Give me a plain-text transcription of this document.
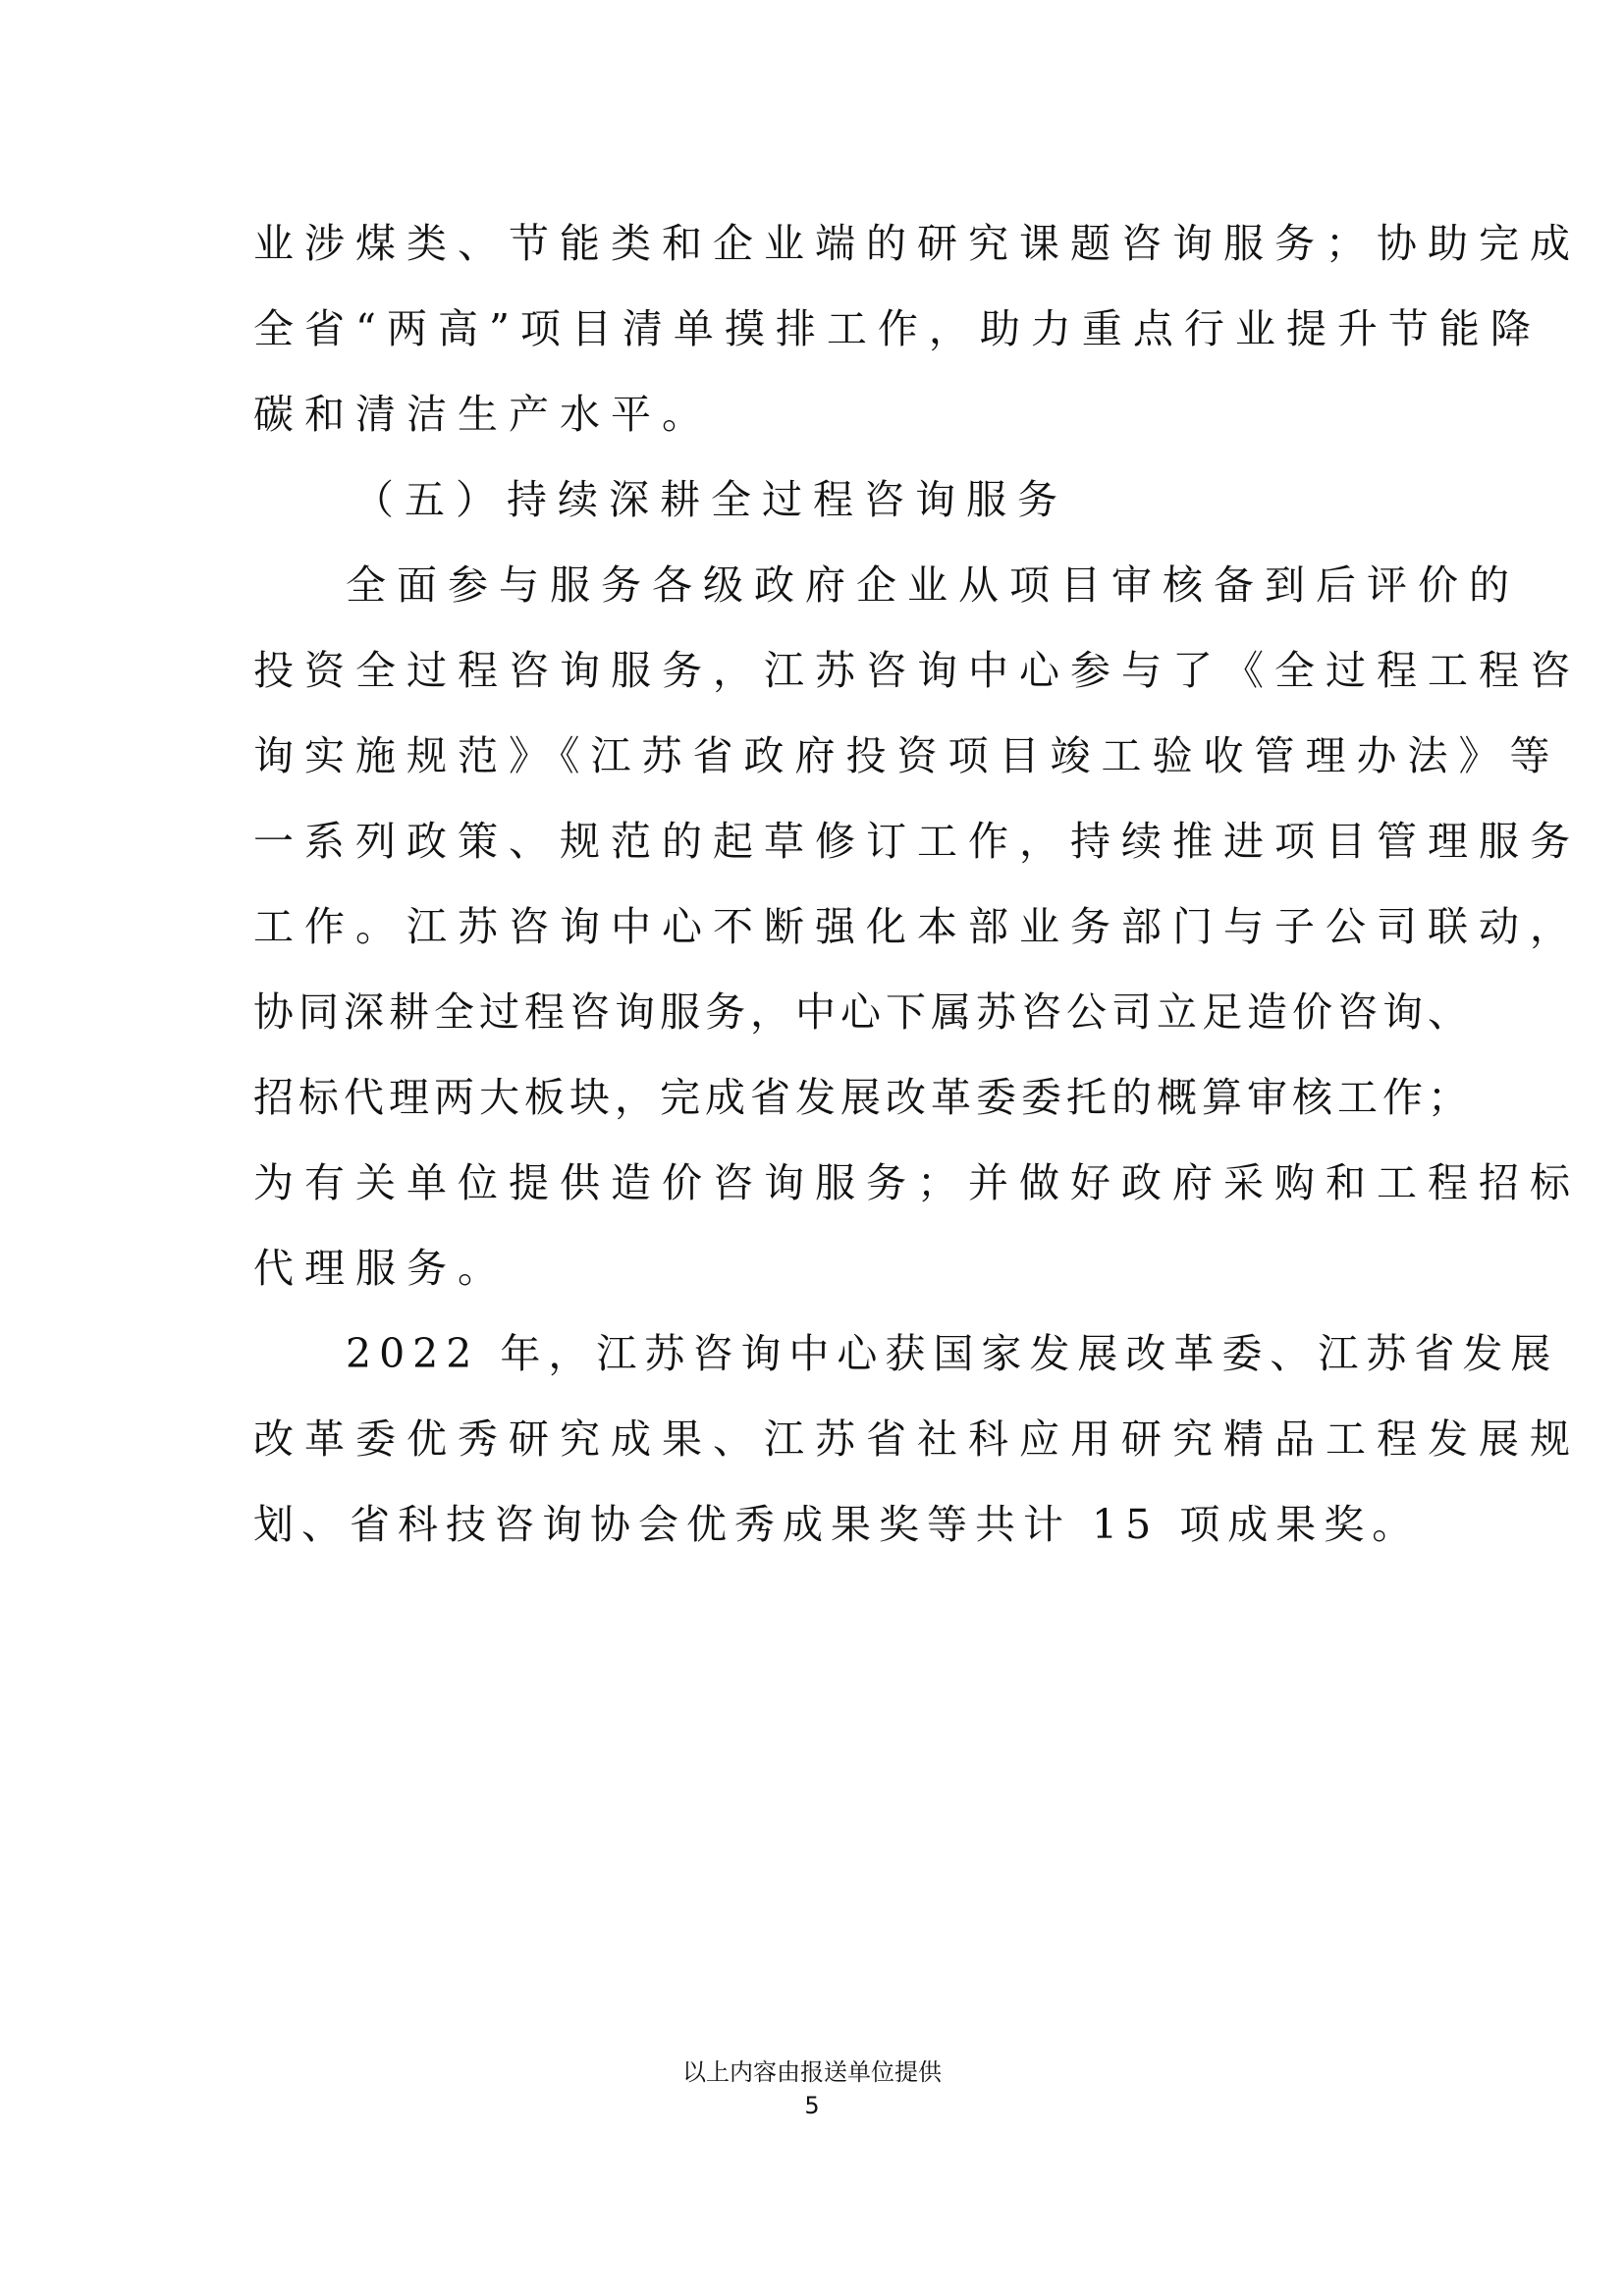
业涉煤类、节能类和企业端的研究课题咨询服务；协助完成
全省“两高”项目清单摸排工作，助力重点行业提升节能降
碳和清洁生产水平。
（五）持续深耕全过程咨询服务
全面参与服务各级政府企业从项目审核备到后评价的
投资全过程咨询服务，江苏咨询中心参与了《全过程工程咨
询实施规范》《江苏省政府投资项目竣工验收管理办法》等
一系列政策、规范的起草修订工作，持续推进项目管理服务
工作。江苏咨询中心不断强化本部业务部门与子公司联动，
协同深耕全过程咨询服务，中心下属苏咨公司立足造价咨询、
招标代理两大板块，完成省发展改革委委托的概算审核工作；
为有关单位提供造价咨询服务；并做好政府采购和工程招标
代理服务。
2022 年，江苏咨询中心获国家发展改革委、江苏省发展
改革委优秀研究成果、江苏省社科应用研究精品工程发展规
划、省科技咨询协会优秀成果奖等共计 15 项成果奖。
以上内容由报送单位提供
5
